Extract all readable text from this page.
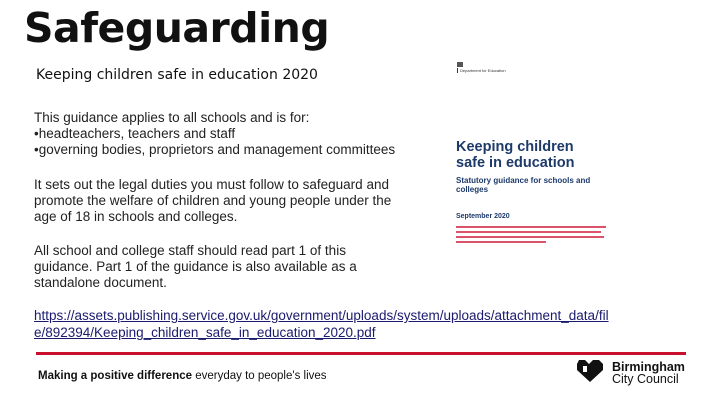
Safeguarding
Keeping children safe in education 2020
This guidance applies to all schools and is for:
•headteachers, teachers and staff
•governing bodies, proprietors and management committees
It sets out the legal duties you must follow to safeguard and promote the welfare of children and young people under the age of 18 in schools and colleges.
All school and college staff should read part 1 of this guidance. Part 1 of the guidance is also available as a standalone document.
https://assets.publishing.service.gov.uk/government/uploads/system/uploads/attachment_data/file/892394/Keeping_children_safe_in_education_2020.pdf
Department for Education
Keeping children
safe in education
Statutory guidance for schools and colleges
September 2020
Making a positive difference everyday to people's lives
Birmingham
City Council
